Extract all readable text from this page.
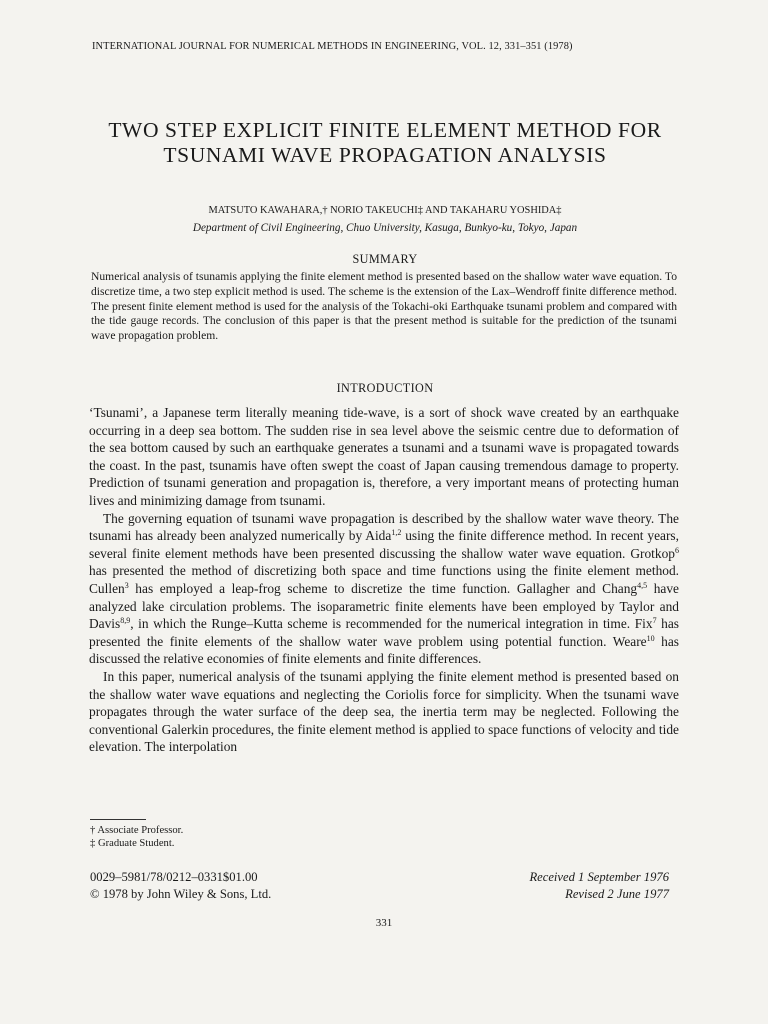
INTERNATIONAL JOURNAL FOR NUMERICAL METHODS IN ENGINEERING, VOL. 12, 331–351 (1978)
TWO STEP EXPLICIT FINITE ELEMENT METHOD FOR
TSUNAMI WAVE PROPAGATION ANALYSIS
MATSUTO KAWAHARA,† NORIO TAKEUCHI‡ AND TAKAHARU YOSHIDA‡
Department of Civil Engineering, Chuo University, Kasuga, Bunkyo-ku, Tokyo, Japan
SUMMARY
Numerical analysis of tsunamis applying the finite element method is presented based on the shallow water wave equation. To discretize time, a two step explicit method is used. The scheme is the extension of the Lax–Wendroff finite difference method. The present finite element method is used for the analysis of the Tokachi-oki Earthquake tsunami problem and compared with the tide gauge records. The conclusion of this paper is that the present method is suitable for the prediction of the tsunami wave propagation problem.
INTRODUCTION

‘Tsunami’, a Japanese term literally meaning tide-wave, is a sort of shock wave created by an earthquake occurring in a deep sea bottom. The sudden rise in sea level above the seismic centre due to deformation of the sea bottom caused by such an earthquake generates a tsunami and a tsunami wave is propagated towards the coast. In the past, tsunamis have often swept the coast of Japan causing tremendous damage to property. Prediction of tsunami generation and propagation is, therefore, a very important means of protecting human lives and minimizing damage from tsunami.

The governing equation of tsunami wave propagation is described by the shallow water wave theory. The tsunami has already been analyzed numerically by Aida$^{1,2}$ using the finite difference method. In recent years, several finite element methods have been presented discussing the shallow water wave equation. Grotkop$^6$ has presented the method of discretizing both space and time functions using the finite element method. Cullen$^3$ has employed a leap-frog scheme to discretize the time function. Gallagher and Chang$^{4,5}$ have analyzed lake circulation problems. The isoparametric finite elements have been employed by Taylor and Davis$^{8,9}$, in which the Runge–Kutta scheme is recommended for the numerical integration in time. Fix$^7$ has presented the finite elements of the shallow water wave problem using potential function. Weare$^{10}$ has discussed the relative economies of finite elements and finite differences.

In this paper, numerical analysis of the tsunami applying the finite element method is presented based on the shallow water wave equations and neglecting the Coriolis force for simplicity. When the tsunami wave propagates through the water surface of the deep sea, the inertia term may be neglected. Following the conventional Galerkin procedures, the finite element method is applied to space functions of velocity and tide elevation. The interpolation

† Associate Professor.
‡ Graduate Student.
0029–5981/78/0212–0331$01.00
© 1978 by John Wiley & Sons, Ltd.
Received 1 September 1976
Revised 2 June 1977
331
